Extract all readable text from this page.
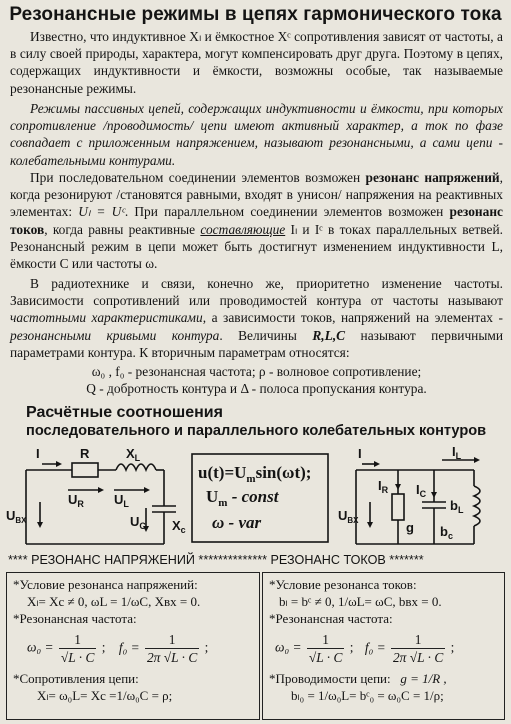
Резонансные режимы в цепях гармонического тока

Известно, что индуктивное Xₗ и ёмкостное Xᶜ сопротивления зависят от частоты, а в силу своей природы, характера, могут компенсировать друг друга. Поэтому в цепях, содержащих индуктивности и ёмкости, возможны особые, так называемые резонансные режимы.

Режимы пассивных цепей, содержащих индуктивности и ёмкости, при которых сопротивление /проводимость/ цепи имеют активный характер, а ток по фазе совпадает с приложенным напряжением, называют резонансными, а сами цепи - колебательными контурами.

При последовательном соединении элементов возможен резонанс напряжений, когда резонируют /становятся равными, входят в унисон/ напряжения на реактивных элементах: Uₗ = Uᶜ. При параллельном соединении элементов возможен резонанс токов, когда равны реактивные составляющие Iₗ и Iᶜ в токах параллельных ветвей. Резонансный режим в цепи может быть достигнут изменением индуктивности L, ёмкости C или частоты ω.

В радиотехнике и связи, конечно же, приоритетно изменение частоты. Зависимости сопротивлений или проводимостей контура от частоты называют частотными характеристиками, а зависимости токов, напряжений на элементах - резонансными кривыми контура. Величины R,L,C называют первичными параметрами контура. К вторичным параметрам относятся:

ω₀ , f₀ - резонансная частота; ρ - волновое сопротивление;

Q - добротность контура и Δ - полоса пропускания контура.

Расчётные соотношения
последовательного и параллельного колебательных контуров
I	R	$X_L$
$U_R$ $U_L$
$U_C$ $X_c$
$U_{BX}$
$u(t)=U_m\sin(\omega t)$;
$U_m$ - const
ω - var
I	$I_L$
$I_R$ $I_C$
g
$b_L$
$b_c$
$U_{BX}$
**** РЕЗОНАНС НАПРЯЖЕНИЙ ************** РЕЗОНАНС ТОКОВ *******
*Условие резонанса напряжений:
Xₗ= Xc ≠ 0, ωL = 1/ωC, Xвх = 0.
*Резонансная частота:
$\omega_0 = \frac{1}{√L \cdot C}$ ; $f_0 = \frac{1}{2\pi √L \cdot C}$ ;
*Сопротивления цепи:
Xₗ= ω₀L= Xc =1/ω₀C = ρ;
*Условие резонанса токов:
bₗ = bᶜ ≠ 0, 1/ωL= ωC, bвх = 0.
*Резонансная частота:
$\omega_0 = \frac{1}{√L \cdot C}$ ; $f_0 = \frac{1}{2\pi √L \cdot C}$ ;
*Проводимости цепи: g = 1/R ,
bₗ₀ = 1/ω₀L= bᶜ₀ = ω₀C = 1/ρ;
